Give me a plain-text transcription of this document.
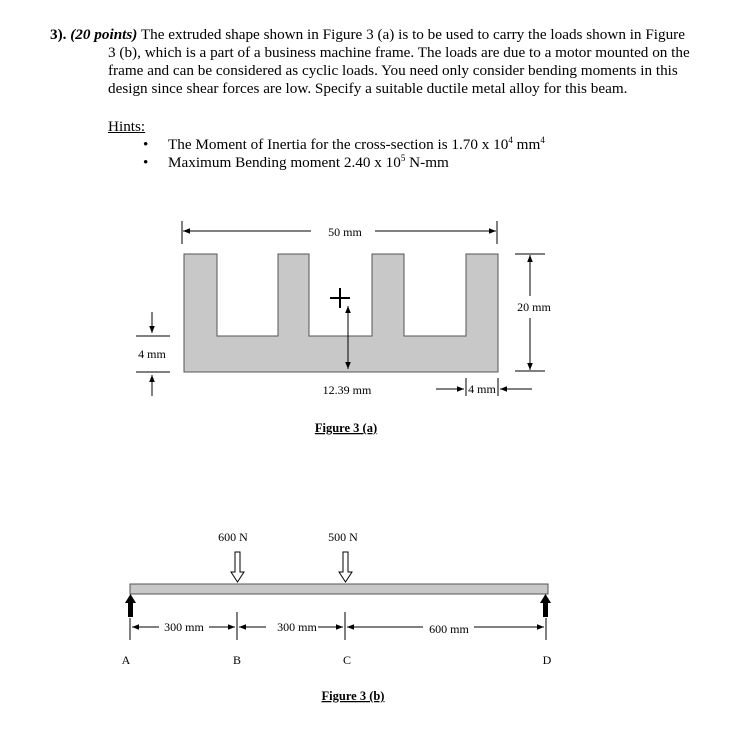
3). (20 points) The extruded shape shown in Figure 3 (a) is to be used to carry the loads shown in Figure 3 (b), which is a part of a business machine frame. The loads are due to a motor mounted on the frame and can be considered as cyclic loads. You need only consider bending moments in this design since shear forces are low. Specify a suitable ductile metal alloy for this beam.

Hints:
• The Moment of Inertia for the cross-section is 1.70 x $10^4$ $mm^4$
• Maximum Bending moment 2.40 x $10^5$ N-mm
50 mm
20 mm
4 mm
12.39 mm	4 mm
Figure 3 (a)
600 N	500 N
300 mm	300 mm	600 mm
A	B	C	D
Figure 3 (b)
